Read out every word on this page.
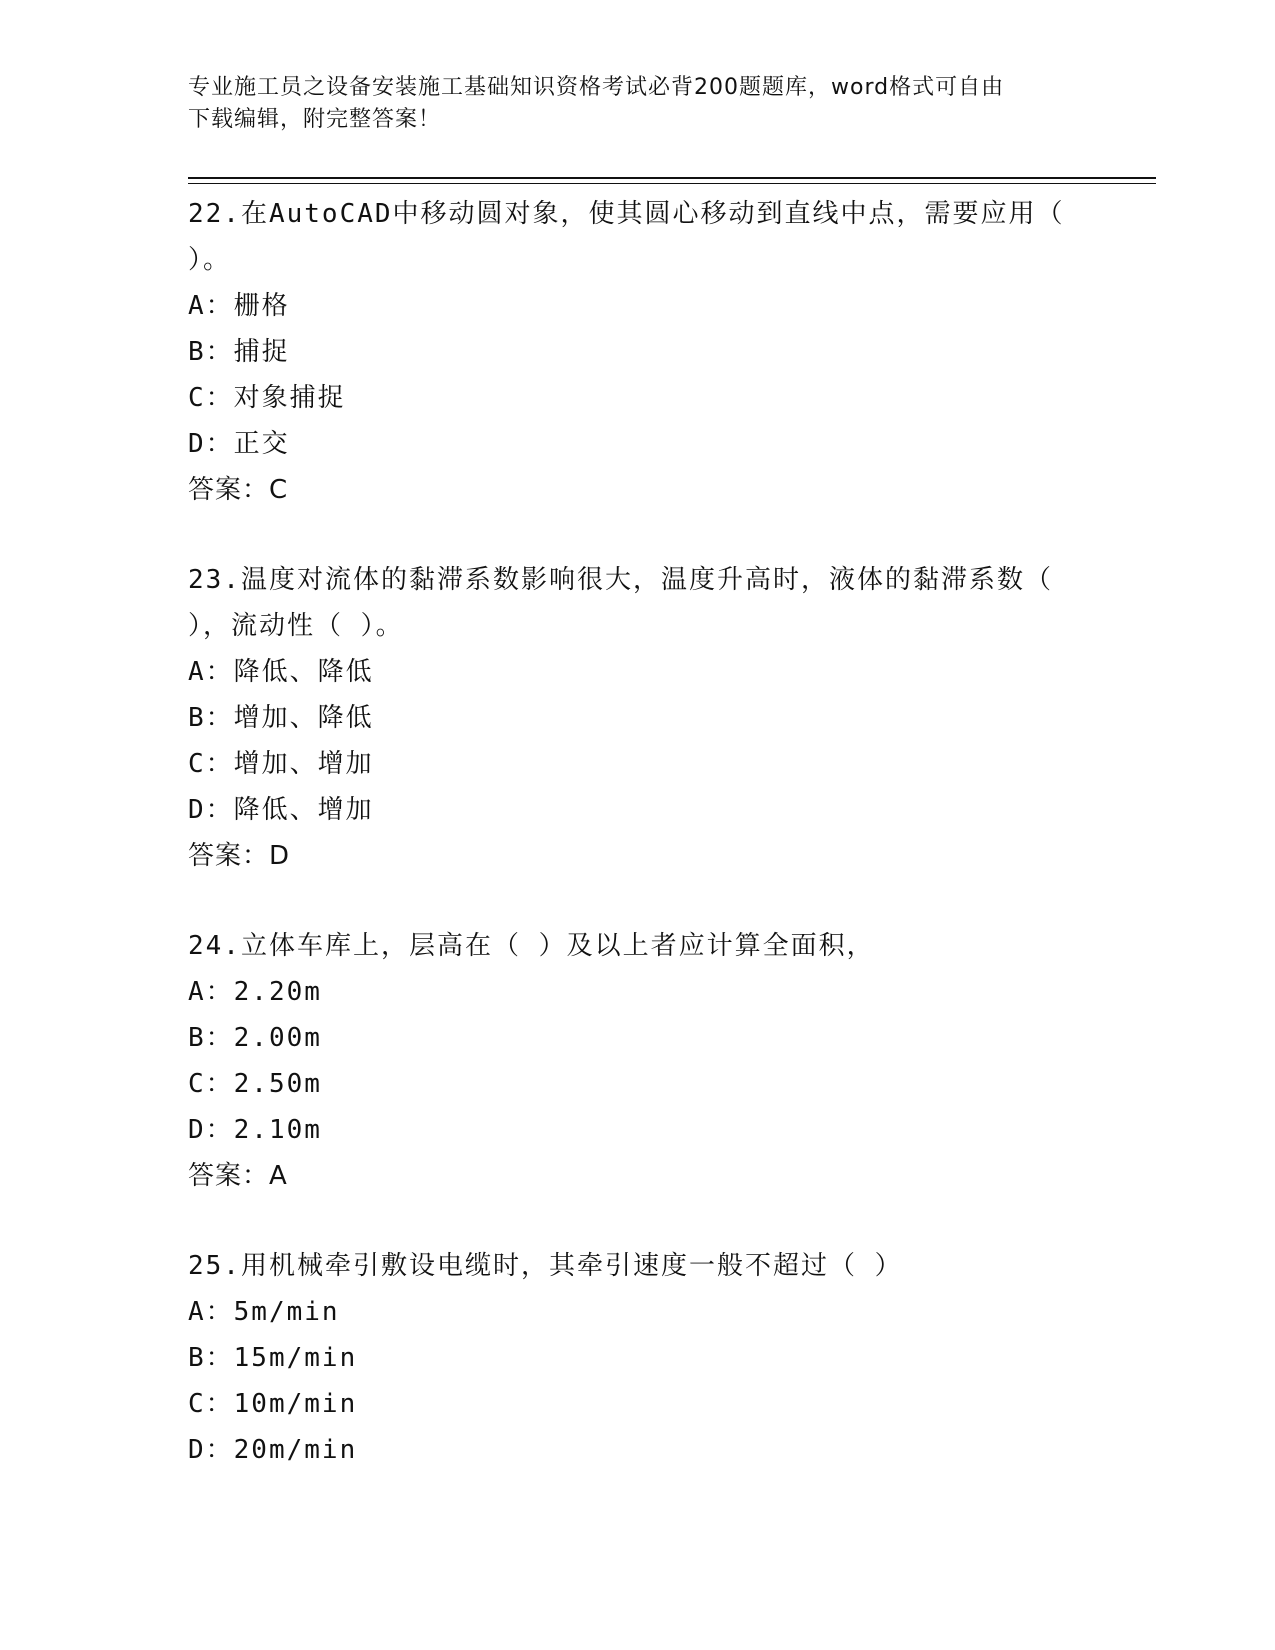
专业施工员之设备安装施工基础知识资格考试必背200题题库，word格式可自由
下载编辑，附完整答案！
22.在AutoCAD中移动圆对象，使其圆心移动到直线中点，需要应用（
）。
A：栅格
B：捕捉
C：对象捕捉
D：正交
答案：C
23.温度对流体的黏滞系数影响很大，温度升高时，液体的黏滞系数（
），流动性（ ）。
A：降低、降低
B：增加、降低
C：增加、增加
D：降低、增加
答案：D
24.立体车库上，层高在（ ）及以上者应计算全面积，
A：2.20m
B：2.00m
C：2.50m
D：2.10m
答案：A
25.用机械牵引敷设电缆时，其牵引速度一般不超过（ ）
A：5m/min
B：15m/min
C：10m/min
D：20m/min
